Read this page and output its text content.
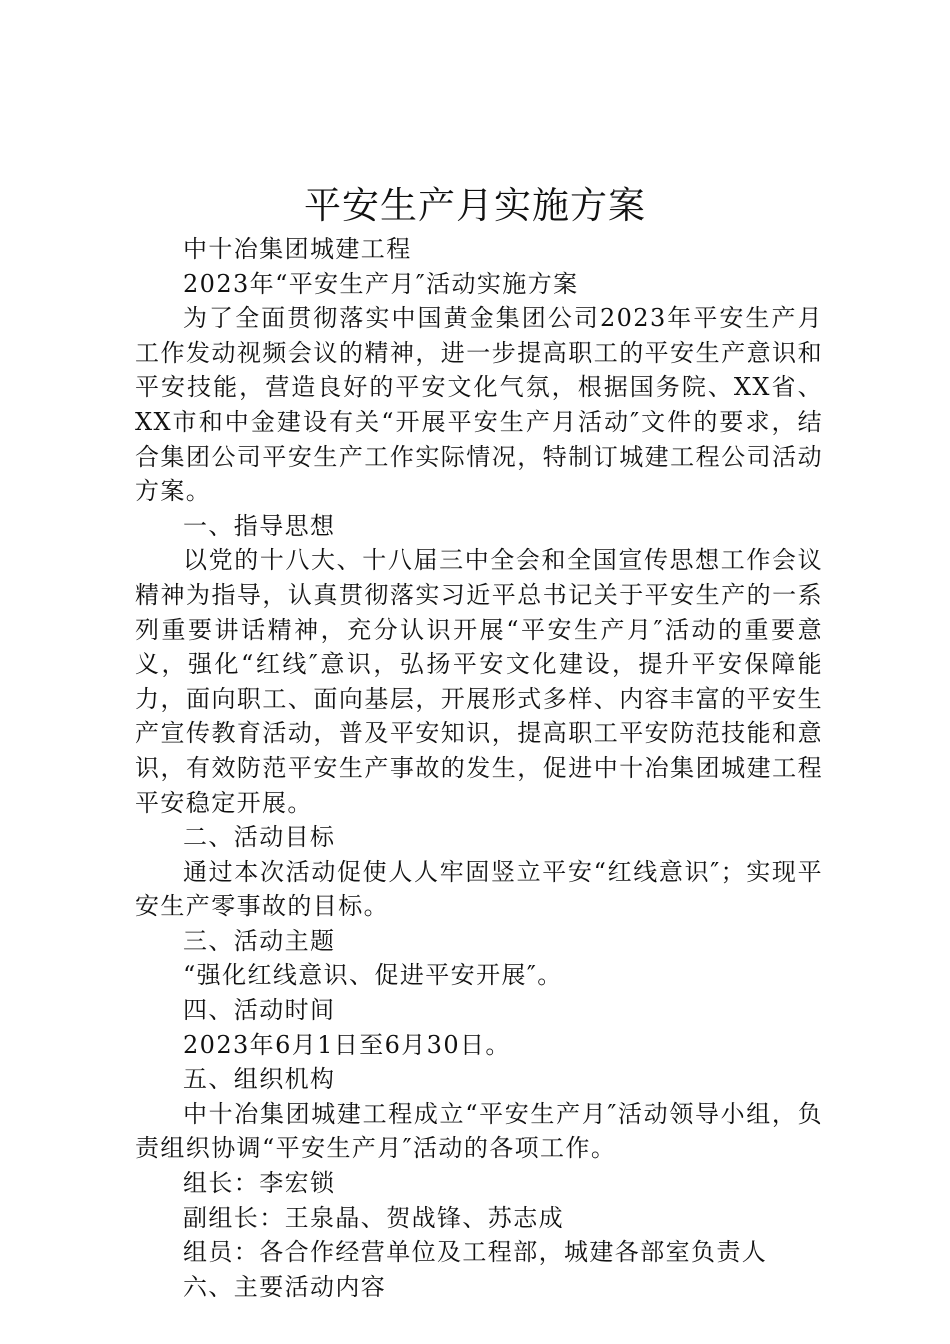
平安生产月实施方案

中十冶集团城建工程

2023年“平安生产月″活动实施方案

为了全面贯彻落实中国黄金集团公司2023年平安生产月工作发动视频会议的精神，进一步提高职工的平安生产意识和平安技能，营造良好的平安文化气氛，根据国务院、XX省、XX市和中金建设有关“开展平安生产月活动″文件的要求，结合集团公司平安生产工作实际情况，特制订城建工程公司活动方案。

一、指导思想

以党的十八大、十八届三中全会和全国宣传思想工作会议精神为指导，认真贯彻落实习近平总书记关于平安生产的一系列重要讲话精神，充分认识开展“平安生产月″活动的重要意义，强化“红线″意识，弘扬平安文化建设，提升平安保障能力，面向职工、面向基层，开展形式多样、内容丰富的平安生产宣传教育活动，普及平安知识，提高职工平安防范技能和意识，有效防范平安生产事故的发生，促进中十冶集团城建工程平安稳定开展。

二、活动目标

通过本次活动促使人人牢固竖立平安“红线意识″；实现平安生产零事故的目标。

三、活动主题

“强化红线意识、促进平安开展″。

四、活动时间

2023年6月1日至6月30日。

五、组织机构

中十冶集团城建工程成立“平安生产月″活动领导小组，负责组织协调“平安生产月″活动的各项工作。

组长：李宏锁

副组长：王泉晶、贺战锋、苏志成

组员：各合作经营单位及工程部，城建各部室负责人

六、主要活动内容
